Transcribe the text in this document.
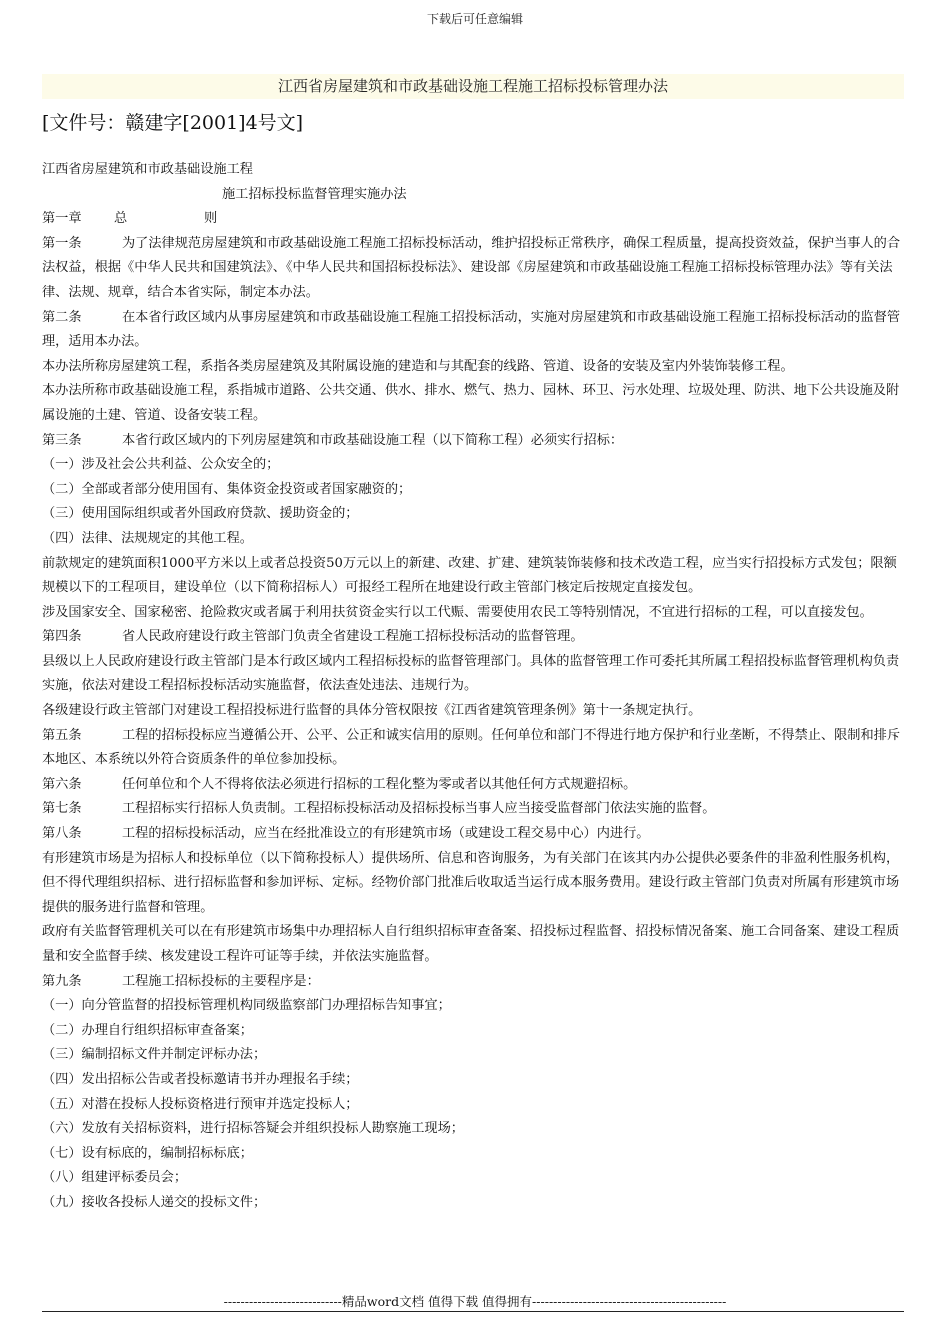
下载后可任意编辑
江西省房屋建筑和市政基础设施工程施工招标投标管理办法
[文件号：赣建字[2001]4号文]

江西省房屋建筑和市政基础设施工程

施工招标投标监督管理实施办法

第一章 总	则

第一条	为了法律规范房屋建筑和市政基础设施工程施工招标投标活动，维护招投标正常秩序，确保工程质量，提高投资效益，保护当事人的合法权益，根据《中华人民共和国建筑法》、《中华人民共和国招标投标法》、建设部《房屋建筑和市政基础设施工程施工招标投标管理办法》等有关法律、法规、规章，结合本省实际，制定本办法。

第二条	在本省行政区域内从事房屋建筑和市政基础设施工程施工招投标活动，实施对房屋建筑和市政基础设施工程施工招标投标活动的监督管理，适用本办法。

本办法所称房屋建筑工程，系指各类房屋建筑及其附属设施的建造和与其配套的线路、管道、设备的安装及室内外装饰装修工程。

本办法所称市政基础设施工程，系指城市道路、公共交通、供水、排水、燃气、热力、园林、环卫、污水处理、垃圾处理、防洪、地下公共设施及附属设施的土建、管道、设备安装工程。

第三条	本省行政区域内的下列房屋建筑和市政基础设施工程（以下简称工程）必须实行招标：

（一）涉及社会公共利益、公众安全的；

（二）全部或者部分使用国有、集体资金投资或者国家融资的；

（三）使用国际组织或者外国政府贷款、援助资金的；

（四）法律、法规规定的其他工程。

前款规定的建筑面积1000平方米以上或者总投资50万元以上的新建、改建、扩建、建筑装饰装修和技术改造工程，应当实行招投标方式发包；限额规模以下的工程项目，建设单位（以下简称招标人）可报经工程所在地建设行政主管部门核定后按规定直接发包。

涉及国家安全、国家秘密、抢险救灾或者属于利用扶贫资金实行以工代赈、需要使用农民工等特别情况，不宜进行招标的工程，可以直接发包。

第四条	省人民政府建设行政主管部门负责全省建设工程施工招标投标活动的监督管理。

县级以上人民政府建设行政主管部门是本行政区域内工程招标投标的监督管理部门。具体的监督管理工作可委托其所属工程招投标监督管理机构负责实施，依法对建设工程招标投标活动实施监督，依法查处违法、违规行为。

各级建设行政主管部门对建设工程招投标进行监督的具体分管权限按《江西省建筑管理条例》第十一条规定执行。

第五条	工程的招标投标应当遵循公开、公平、公正和诚实信用的原则。任何单位和部门不得进行地方保护和行业垄断，不得禁止、限制和排斥本地区、本系统以外符合资质条件的单位参加投标。

第六条	任何单位和个人不得将依法必须进行招标的工程化整为零或者以其他任何方式规避招标。

第七条	工程招标实行招标人负责制。工程招标投标活动及招标投标当事人应当接受监督部门依法实施的监督。

第八条	工程的招标投标活动，应当在经批准设立的有形建筑市场（或建设工程交易中心）内进行。

有形建筑市场是为招标人和投标单位（以下简称投标人）提供场所、信息和咨询服务，为有关部门在该其内办公提供必要条件的非盈利性服务机构，但不得代理组织招标、进行招标监督和参加评标、定标。经物价部门批准后收取适当运行成本服务费用。建设行政主管部门负责对所属有形建筑市场提供的服务进行监督和管理。

政府有关监督管理机关可以在有形建筑市场集中办理招标人自行组织招标审查备案、招投标过程监督、招投标情况备案、施工合同备案、建设工程质量和安全监督手续、核发建设工程许可证等手续，并依法实施监督。

第九条	工程施工招标投标的主要程序是：

（一）向分管监督的招投标管理机构同级监察部门办理招标告知事宜；

（二）办理自行组织招标审查备案；

（三）编制招标文件并制定评标办法；

（四）发出招标公告或者投标邀请书并办理报名手续；

（五）对潜在投标人投标资格进行预审并选定投标人；

（六）发放有关招标资料，进行招标答疑会并组织投标人勘察施工现场；

（七）设有标底的，编制招标标底；

（八）组建评标委员会；

（九）接收各投标人递交的投标文件；

----------------------------精品word文档 值得下载 值得拥有----------------------------------------------
